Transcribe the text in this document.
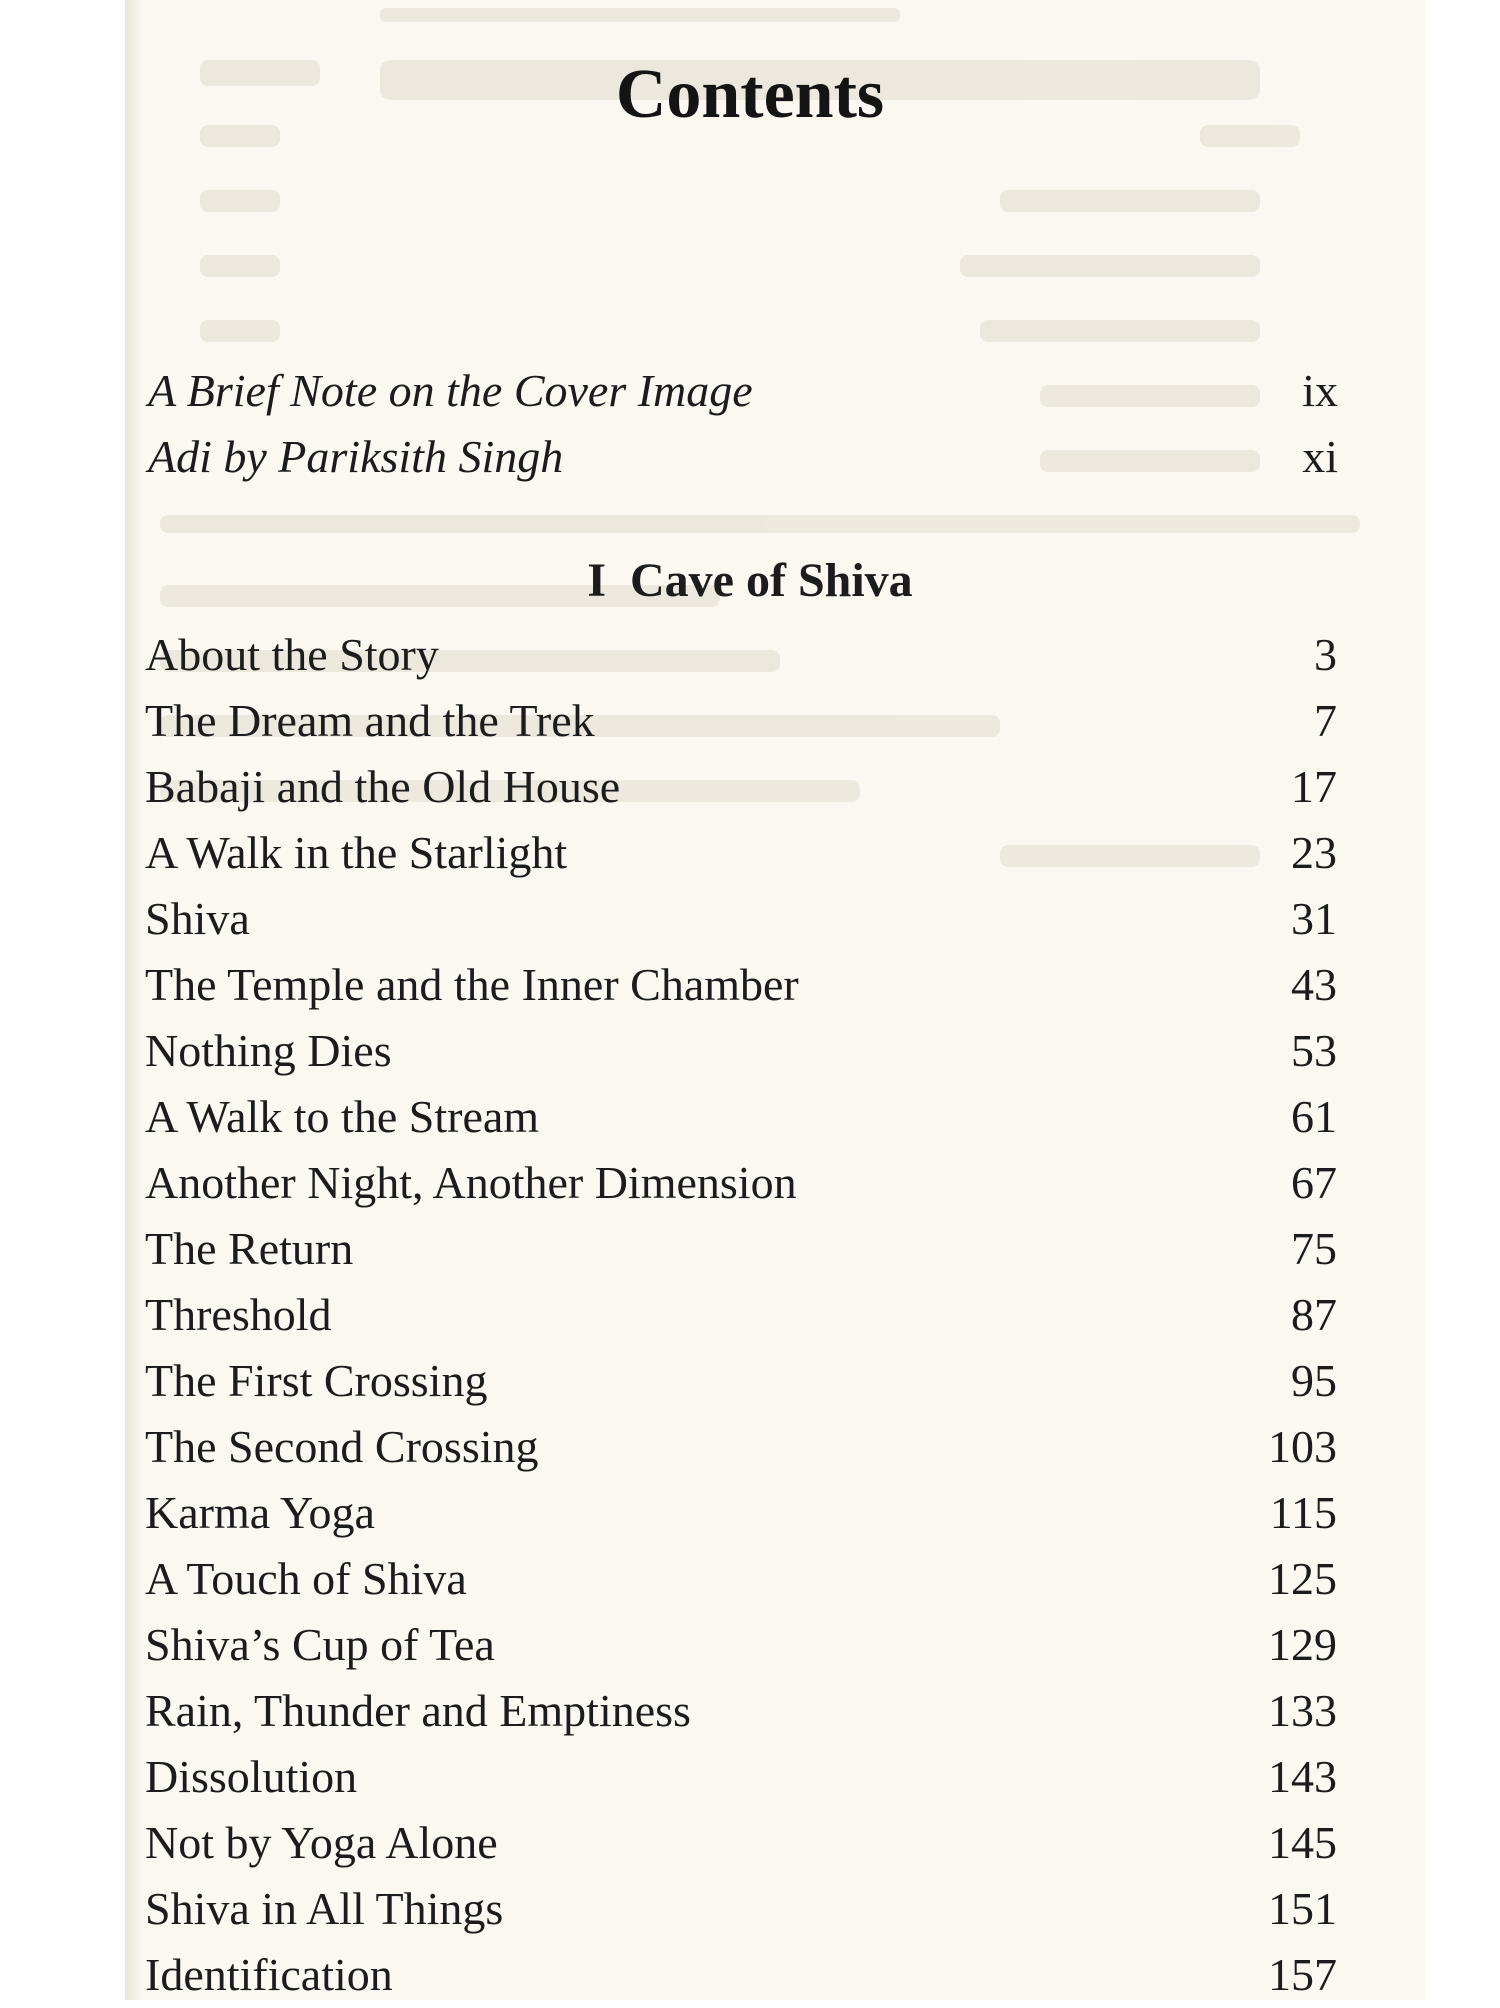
Contents
A Brief Note on the Cover Image	ix
Adi by Pariksith Singh	xi
I Cave of Shiva
About the Story	3
The Dream and the Trek	7
Babaji and the Old House	17
A Walk in the Starlight	23
Shiva	31
The Temple and the Inner Chamber	43
Nothing Dies	53
A Walk to the Stream	61
Another Night, Another Dimension	67
The Return	75
Threshold	87
The First Crossing	95
The Second Crossing	103
Karma Yoga	115
A Touch of Shiva	125
Shiva’s Cup of Tea	129
Rain, Thunder and Emptiness	133
Dissolution	143
Not by Yoga Alone	145
Shiva in All Things	151
Identification	157
